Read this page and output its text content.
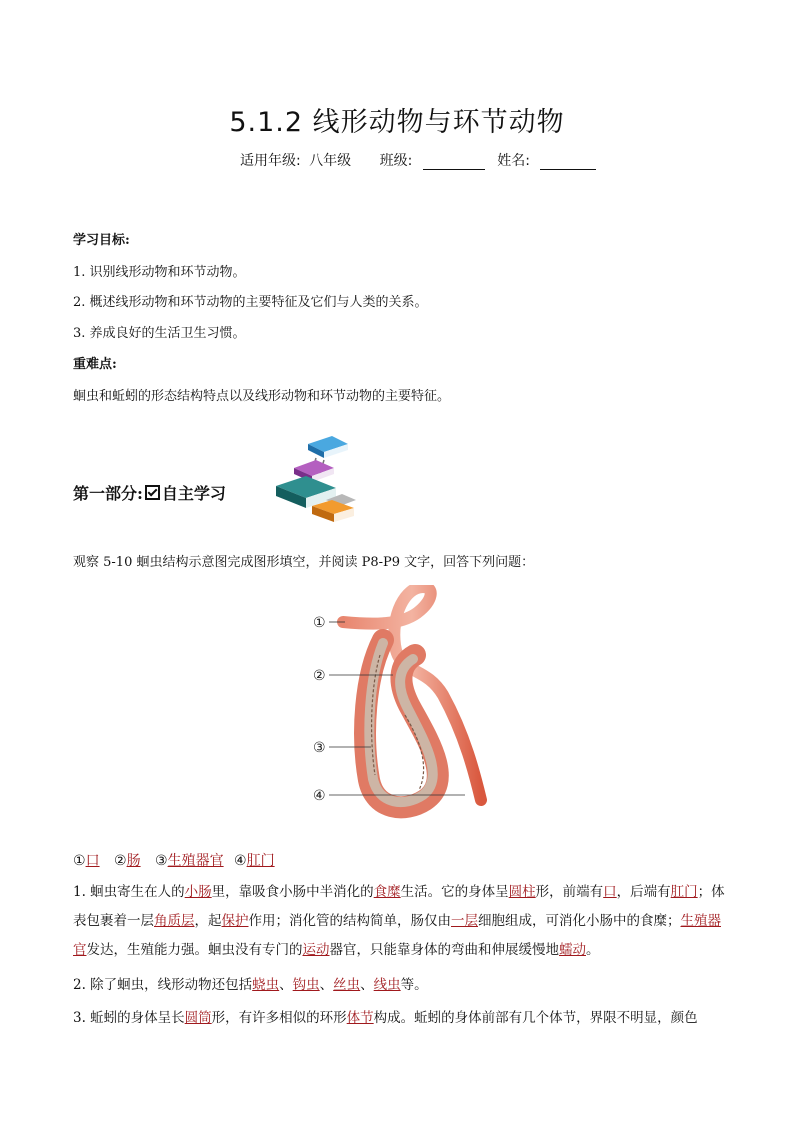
5.1.2 线形动物与环节动物
适用年级: 八年级 班级:	姓名:
学习目标:
1. 识别线形动物和环节动物。
2. 概述线形动物和环节动物的主要特征及它们与人类的关系。
3. 养成良好的生活卫生习惯。
重难点:
蛔虫和蚯蚓的形态结构特点以及线形动物和环节动物的主要特征。
第一部分: 自主学习
观察 5-10 蛔虫结构示意图完成图形填空，并阅读 P8-P9 文字，回答下列问题：
①
②
③
④
①口 ②肠 ③生殖器官 ④肛门
1. 蛔虫寄生在人的小肠里，靠吸食小肠中半消化的食糜生活。它的身体呈圆柱形，前端有口，后端有肛门；体表包裹着一层角质层，起保护作用；消化管的结构简单，肠仅由一层细胞组成，可消化小肠中的食糜；生殖器官发达，生殖能力强。蛔虫没有专门的运动器官，只能靠身体的弯曲和伸展缓慢地蠕动。
2. 除了蛔虫，线形动物还包括蛲虫、钩虫、丝虫、线虫等。
3. 蚯蚓的身体呈长圆筒形，有许多相似的环形体节构成。蚯蚓的身体前部有几个体节，界限不明显，颜色
